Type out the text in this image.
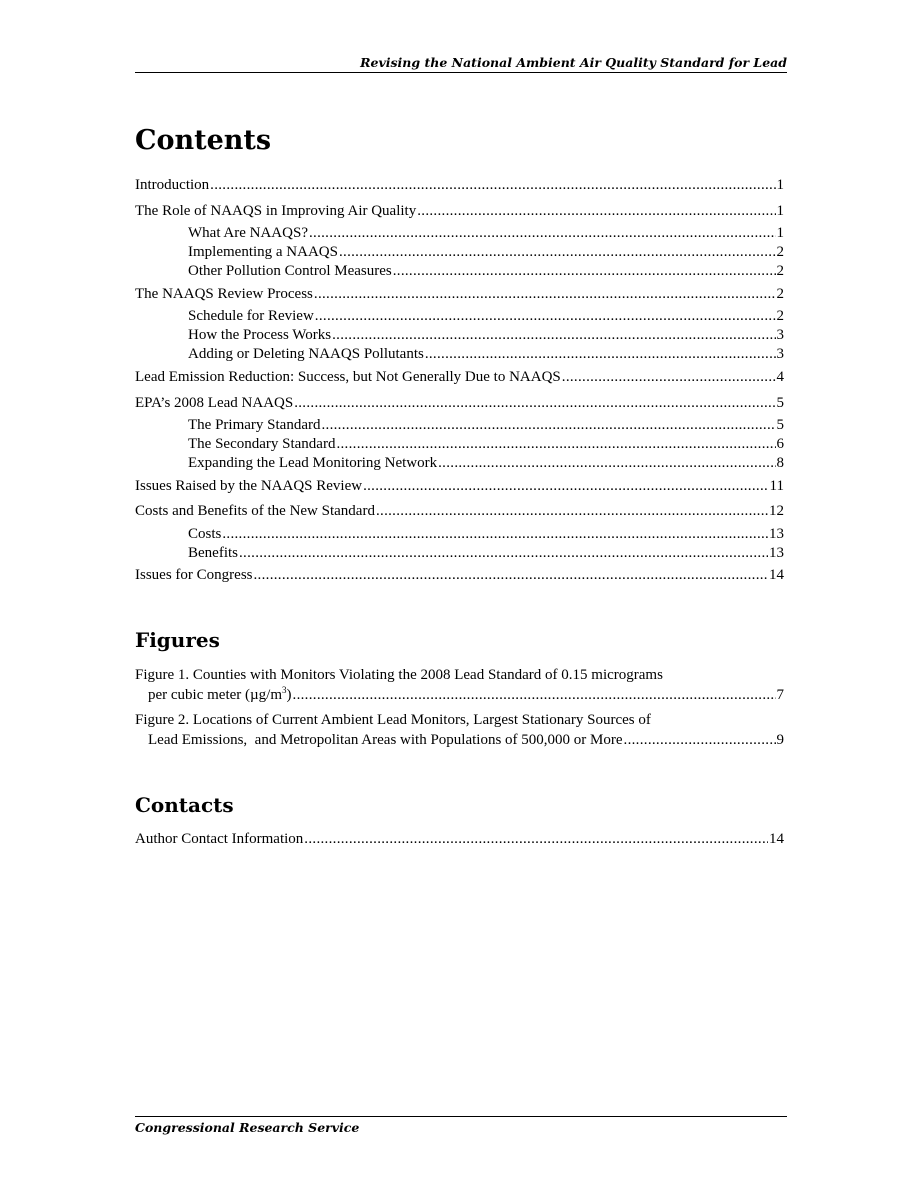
Revising the National Ambient Air Quality Standard for Lead
Contents
Introduction .....	1
The Role of NAAQS in Improving Air Quality .....	1
What Are NAAQS? .....	1
Implementing a NAAQS .....	2
Other Pollution Control Measures .....	2
The NAAQS Review Process .....	2
Schedule for Review .....	2
How the Process Works .....	3
Adding or Deleting NAAQS Pollutants .....	3
Lead Emission Reduction: Success, but Not Generally Due to NAAQS .....	4
EPA’s 2008 Lead NAAQS .....	5
The Primary Standard .....	5
The Secondary Standard .....	6
Expanding the Lead Monitoring Network .....	8
Issues Raised by the NAAQS Review .....	11
Costs and Benefits of the New Standard .....	12
Costs .....	13
Benefits .....	13
Issues for Congress .....	14
Figures
Figure 1. Counties with Monitors Violating the 2008 Lead Standard of 0.15 micrograms
per cubic meter $(\mu g/m^3)$ .....	7
Figure 2. Locations of Current Ambient Lead Monitors, Largest Stationary Sources of
Lead Emissions,  and Metropolitan Areas with Populations of 500,000 or More .....	9
Contacts
Author Contact Information .....	14
Congressional Research Service
